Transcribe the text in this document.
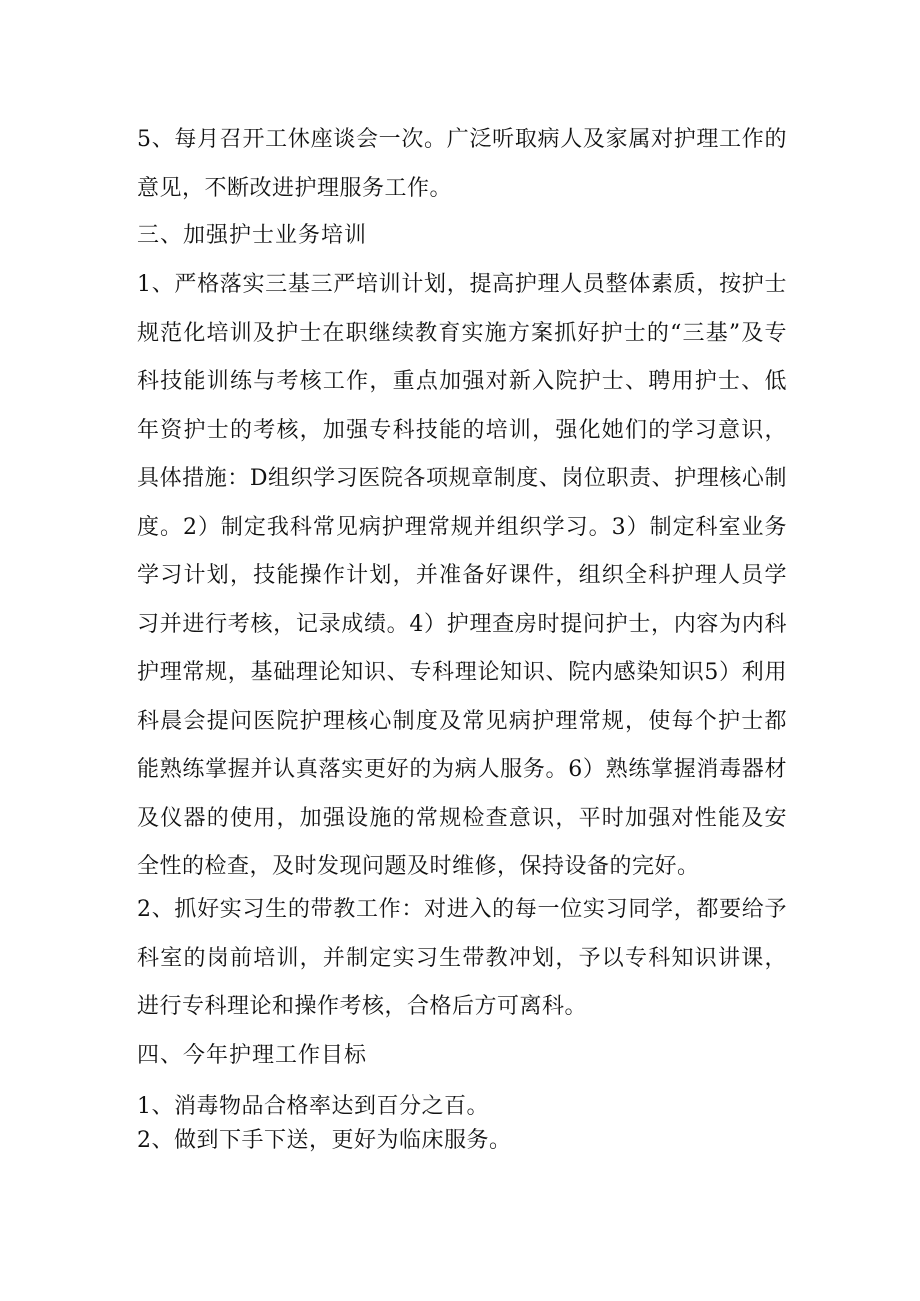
5、每月召开工休座谈会一次。广泛听取病人及家属对护理工作的意见，不断改进护理服务工作。

三、加强护士业务培训

1、严格落实三基三严培训计划，提高护理人员整体素质，按护士规范化培训及护士在职继续教育实施方案抓好护士的“三基”及专科技能训练与考核工作，重点加强对新入院护士、聘用护士、低年资护士的考核，加强专科技能的培训，强化她们的学习意识，具体措施：D组织学习医院各项规章制度、岗位职责、护理核心制度。2）制定我科常见病护理常规并组织学习。3）制定科室业务学习计划，技能操作计划，并准备好课件，组织全科护理人员学习并进行考核，记录成绩。4）护理查房时提问护士，内容为内科护理常规，基础理论知识、专科理论知识、院内感染知识5）利用科晨会提问医院护理核心制度及常见病护理常规，使每个护士都能熟练掌握并认真落实更好的为病人服务。6）熟练掌握消毒器材及仪器的使用，加强设施的常规检查意识，平时加强对性能及安全性的检查，及时发现问题及时维修，保持设备的完好。

2、抓好实习生的带教工作：对进入的每一位实习同学，都要给予科室的岗前培训，并制定实习生带教冲划，予以专科知识讲课，进行专科理论和操作考核，合格后方可离科。

四、今年护理工作目标

1、消毒物品合格率达到百分之百。

2、做到下手下送，更好为临床服务。
